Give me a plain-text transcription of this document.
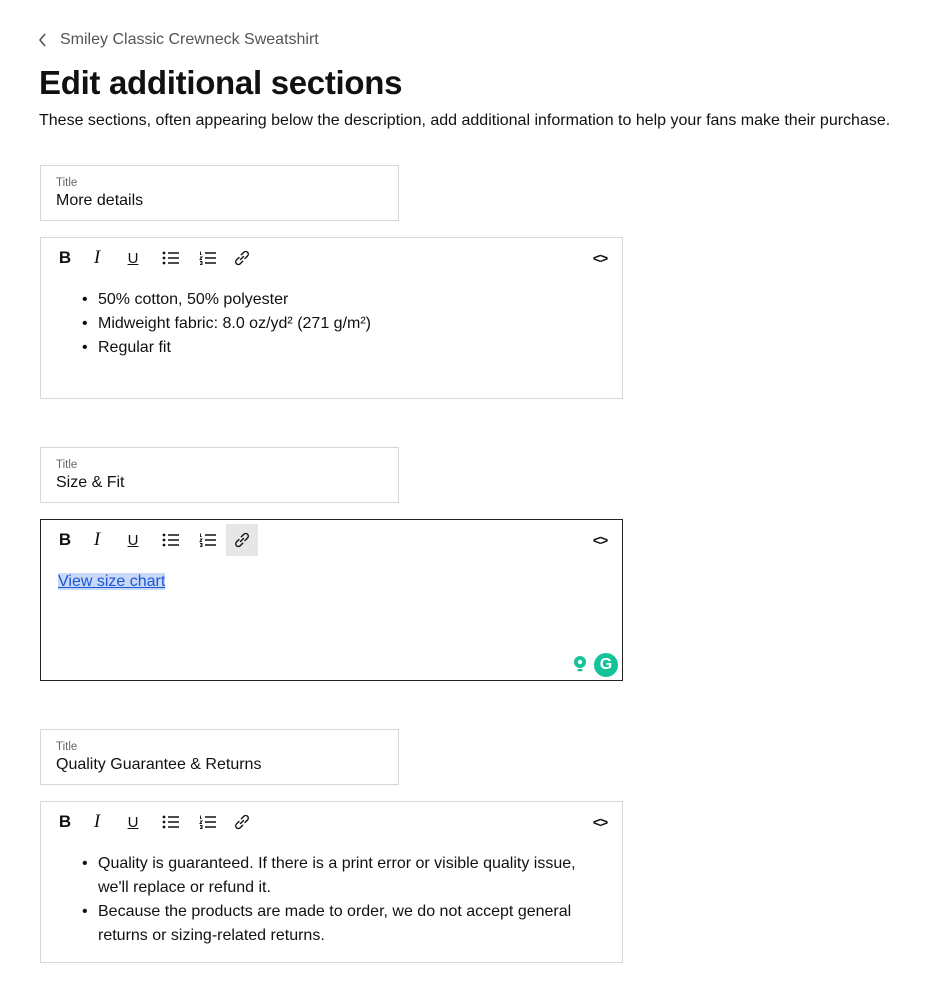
Smiley Classic Crewneck Sweatshirt
Edit additional sections
These sections, often appearing below the description, add additional information to help your fans make their purchase.
Title
More details
B I U	<>
• 50% cotton, 50% polyester
• Midweight fabric: 8.0 oz/yd² (271 g/m²)
• Regular fit
Title
Size & Fit
B I U	<>
View size chart
G
Title
Quality Guarantee & Returns
B I U	<>
• Quality is guaranteed. If there is a print error or visible quality issue, we'll replace or refund it.
• Because the products are made to order, we do not accept general returns or sizing-related returns.
